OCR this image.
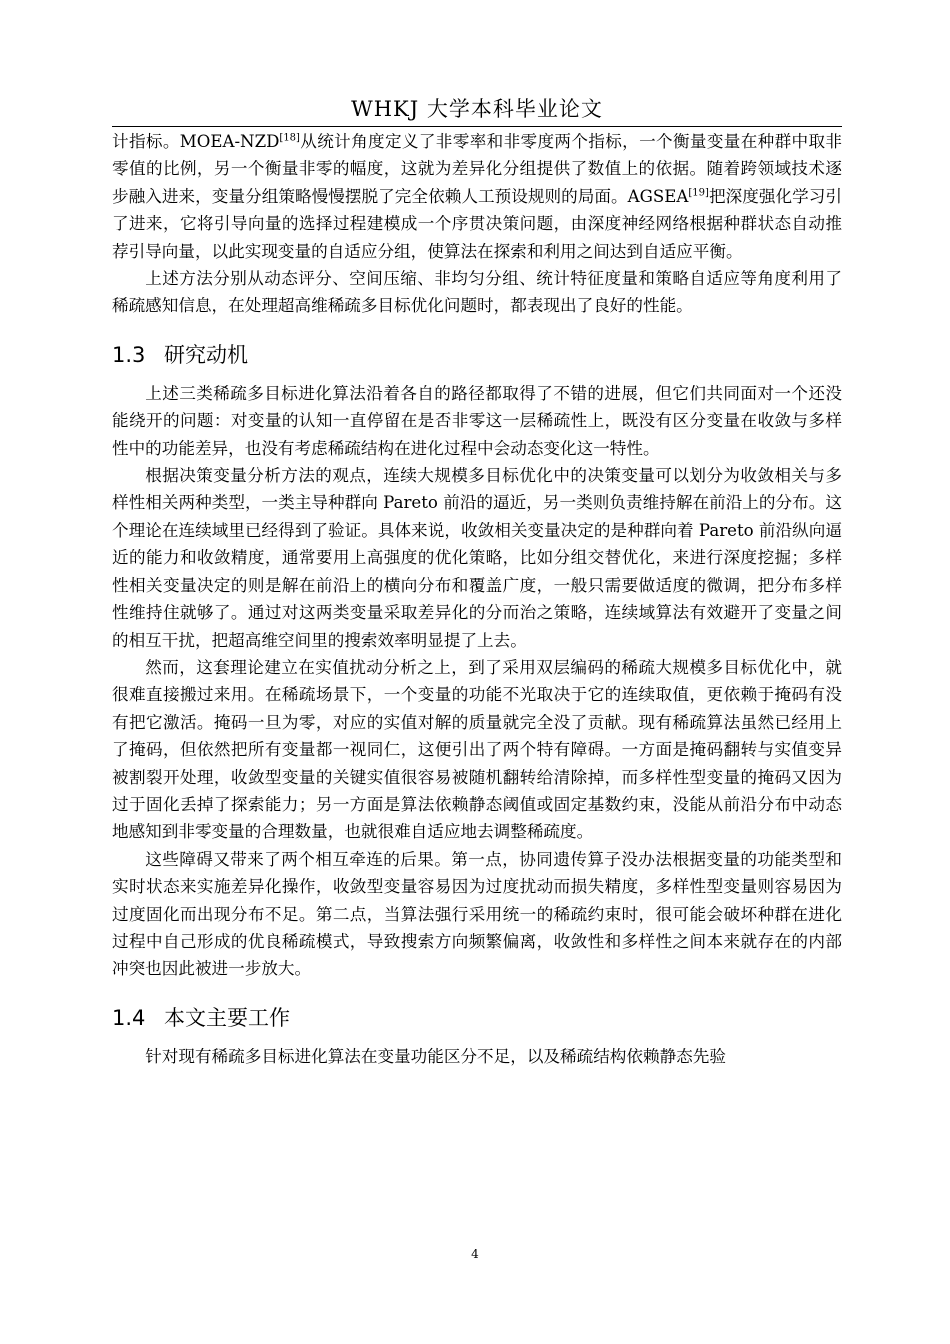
WHKJ 大学本科毕业论文

计指标。MOEA-NZD[18]从统计角度定义了非零率和非零度两个指标，一个衡量变量在种群中取非零值的比例，另一个衡量非零的幅度，这就为差异化分组提供了数值上的依据。随着跨领域技术逐步融入进来，变量分组策略慢慢摆脱了完全依赖人工预设规则的局面。AGSEA[19]把深度强化学习引了进来，它将引导向量的选择过程建模成一个序贯决策问题，由深度神经网络根据种群状态自动推荐引导向量，以此实现变量的自适应分组，使算法在探索和利用之间达到自适应平衡。

上述方法分别从动态评分、空间压缩、非均匀分组、统计特征度量和策略自适应等角度利用了稀疏感知信息，在处理超高维稀疏多目标优化问题时，都表现出了良好的性能。

1.3 研究动机

上述三类稀疏多目标进化算法沿着各自的路径都取得了不错的进展，但它们共同面对一个还没能绕开的问题：对变量的认知一直停留在是否非零这一层稀疏性上，既没有区分变量在收敛与多样性中的功能差异，也没有考虑稀疏结构在进化过程中会动态变化这一特性。

根据决策变量分析方法的观点，连续大规模多目标优化中的决策变量可以划分为收敛相关与多样性相关两种类型，一类主导种群向 Pareto 前沿的逼近，另一类则负责维持解在前沿上的分布。这个理论在连续域里已经得到了验证。具体来说，收敛相关变量决定的是种群向着 Pareto 前沿纵向逼近的能力和收敛精度，通常要用上高强度的优化策略，比如分组交替优化，来进行深度挖掘；多样性相关变量决定的则是解在前沿上的横向分布和覆盖广度，一般只需要做适度的微调，把分布多样性维持住就够了。通过对这两类变量采取差异化的分而治之策略，连续域算法有效避开了变量之间的相互干扰，把超高维空间里的搜索效率明显提了上去。

然而，这套理论建立在实值扰动分析之上，到了采用双层编码的稀疏大规模多目标优化中，就很难直接搬过来用。在稀疏场景下，一个变量的功能不光取决于它的连续取值，更依赖于掩码有没有把它激活。掩码一旦为零，对应的实值对解的质量就完全没了贡献。现有稀疏算法虽然已经用上了掩码，但依然把所有变量都一视同仁，这便引出了两个特有障碍。一方面是掩码翻转与实值变异被割裂开处理，收敛型变量的关键实值很容易被随机翻转给清除掉，而多样性型变量的掩码又因为过于固化丢掉了探索能力；另一方面是算法依赖静态阈值或固定基数约束，没能从前沿分布中动态地感知到非零变量的合理数量，也就很难自适应地去调整稀疏度。

这些障碍又带来了两个相互牵连的后果。第一点，协同遗传算子没办法根据变量的功能类型和实时状态来实施差异化操作，收敛型变量容易因为过度扰动而损失精度，多样性型变量则容易因为过度固化而出现分布不足。第二点，当算法强行采用统一的稀疏约束时，很可能会破坏种群在进化过程中自己形成的优良稀疏模式，导致搜索方向频繁偏离，收敛性和多样性之间本来就存在的内部冲突也因此被进一步放大。

1.4 本文主要工作

针对现有稀疏多目标进化算法在变量功能区分不足，以及稀疏结构依赖静态先验

4
